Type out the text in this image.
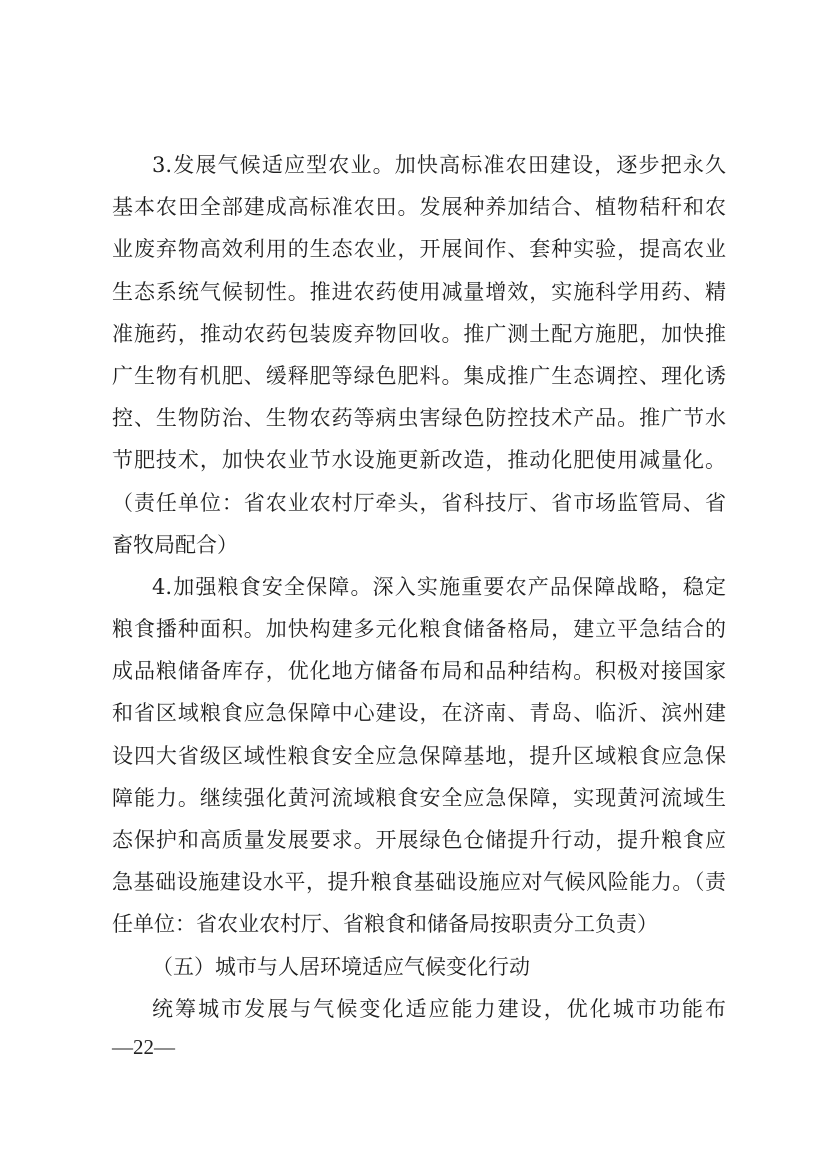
3.发展气候适应型农业。加快高标准农田建设，逐步把永久
基本农田全部建成高标准农田。发展种养加结合、植物秸秆和农
业废弃物高效利用的生态农业，开展间作、套种实验，提高农业
生态系统气候韧性。推进农药使用减量增效，实施科学用药、精
准施药，推动农药包装废弃物回收。推广测土配方施肥，加快推
广生物有机肥、缓释肥等绿色肥料。集成推广生态调控、理化诱
控、生物防治、生物农药等病虫害绿色防控技术产品。推广节水
节肥技术，加快农业节水设施更新改造，推动化肥使用减量化。
（责任单位：省农业农村厅牵头，省科技厅、省市场监管局、省
畜牧局配合）
4.加强粮食安全保障。深入实施重要农产品保障战略，稳定
粮食播种面积。加快构建多元化粮食储备格局，建立平急结合的
成品粮储备库存，优化地方储备布局和品种结构。积极对接国家
和省区域粮食应急保障中心建设，在济南、青岛、临沂、滨州建
设四大省级区域性粮食安全应急保障基地，提升区域粮食应急保
障能力。继续强化黄河流域粮食安全应急保障，实现黄河流域生
态保护和高质量发展要求。开展绿色仓储提升行动，提升粮食应
急基础设施建设水平，提升粮食基础设施应对气候风险能力。（责
任单位：省农业农村厅、省粮食和储备局按职责分工负责）
（五）城市与人居环境适应气候变化行动
统筹城市发展与气候变化适应能力建设，优化城市功能布
—22—
